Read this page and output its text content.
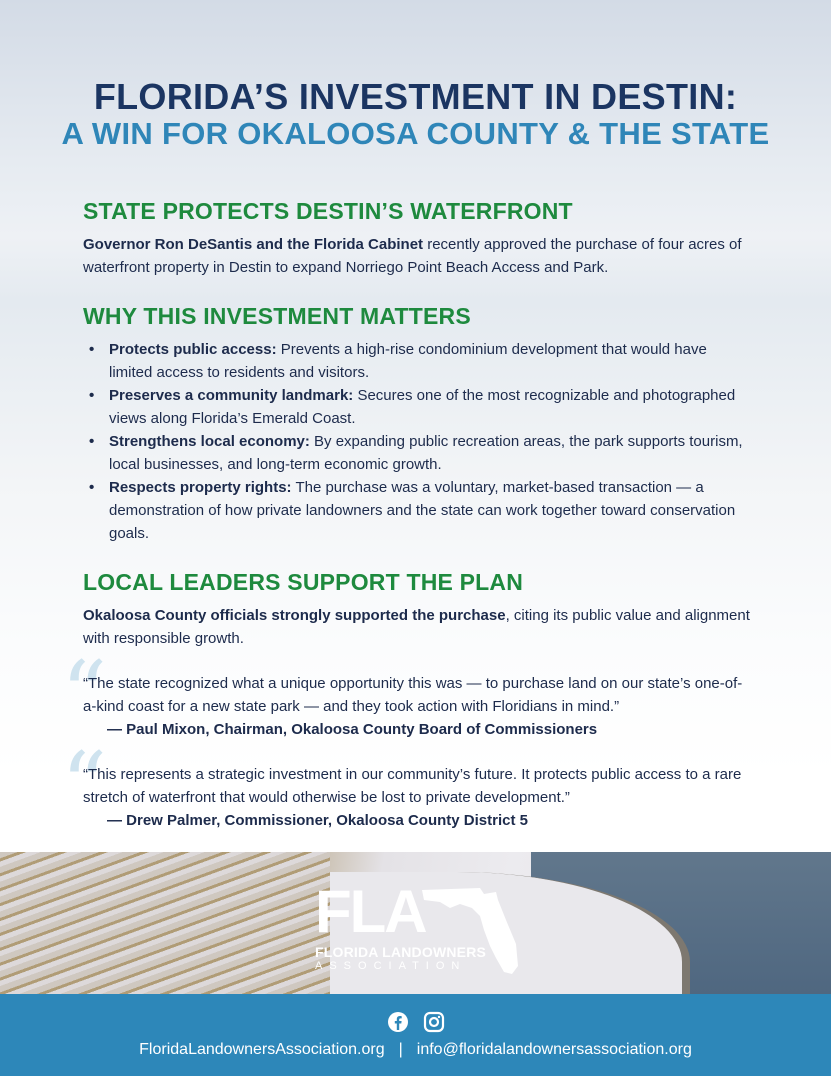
FLORIDA’S INVESTMENT IN DESTIN:
A WIN FOR OKALOOSA COUNTY & THE STATE
STATE PROTECTS DESTIN’S WATERFRONT

Governor Ron DeSantis and the Florida Cabinet recently approved the purchase of four acres of waterfront property in Destin to expand Norriego Point Beach Access and Park.

WHY THIS INVESTMENT MATTERS
• Protects public access: Prevents a high-rise condominium development that would have limited access to residents and visitors.
• Preserves a community landmark: Secures one of the most recognizable and photographed views along Florida’s Emerald Coast.
• Strengthens local economy: By expanding public recreation areas, the park supports tourism, local businesses, and long-term economic growth.
• Respects property rights: The purchase was a voluntary, market-based transaction — a demonstration of how private landowners and the state can work together toward conservation goals.
LOCAL LEADERS SUPPORT THE PLAN

Okaloosa County officials strongly supported the purchase, citing its public value and alignment with responsible growth.

“

“The state recognized what a unique opportunity this was — to purchase land on our state’s one-of-a-kind coast for a new state park — and they took action with Floridians in mind.”

— Paul Mixon, Chairman, Okaloosa County Board of Commissioners

“

“This represents a strategic investment in our community’s future. It protects public access to a rare stretch of waterfront that would otherwise be lost to private development.”

— Drew Palmer, Commissioner, Okaloosa County District 5

FLA
FLORIDA LANDOWNERS
ASSOCIATION
FloridaLandownersAssociation.org | info@floridalandownersassociation.org
